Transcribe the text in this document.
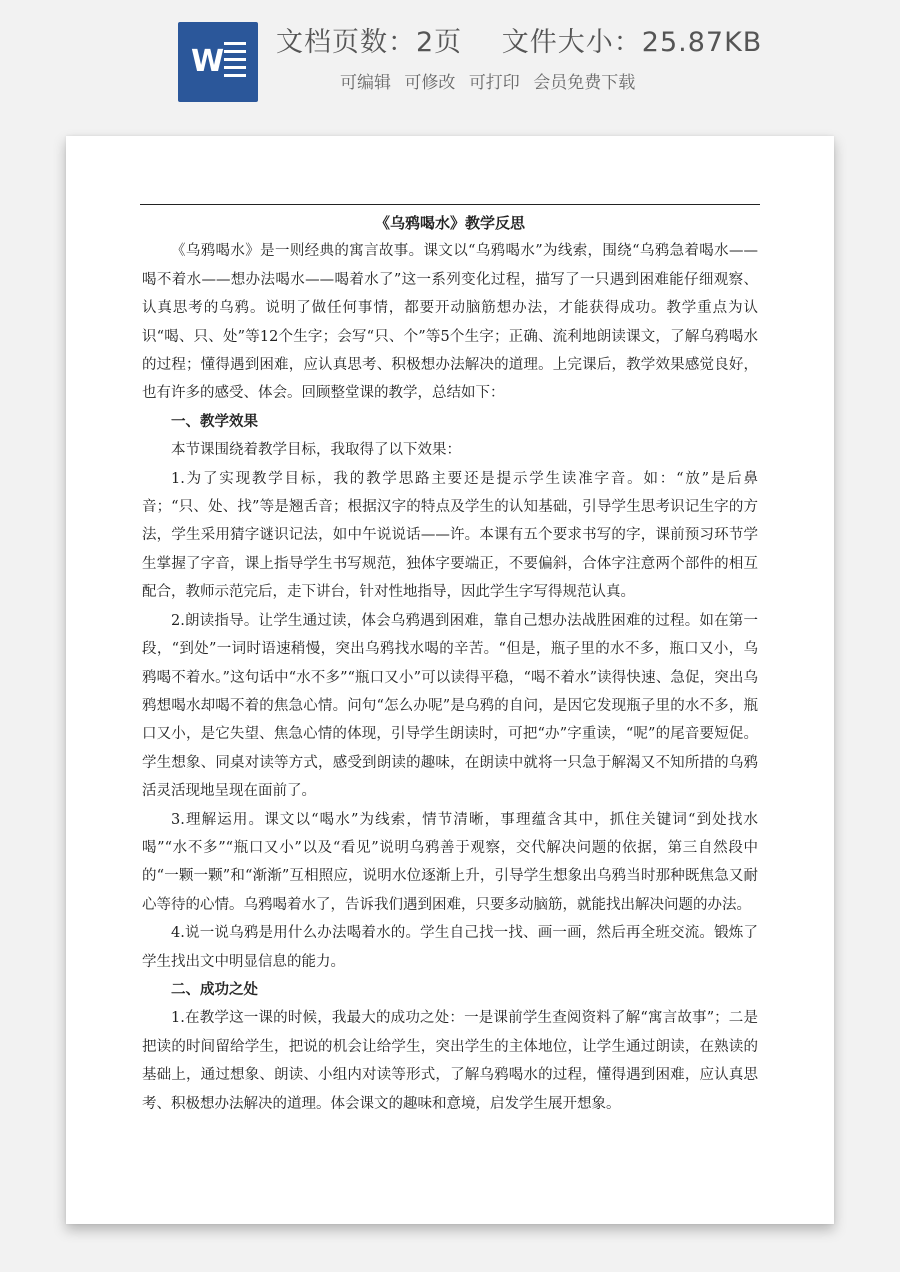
W
文档页数：2页 文件大小：25.87KB
可编辑 可修改 可打印 会员免费下载
《乌鸦喝水》教学反思

《乌鸦喝水》是一则经典的寓言故事。课文以“乌鸦喝水”为线索，围绕“乌鸦急着喝水——喝不着水——想办法喝水——喝着水了”这一系列变化过程，描写了一只遇到困难能仔细观察、认真思考的乌鸦。说明了做任何事情，都要开动脑筋想办法，才能获得成功。教学重点为认识“喝、只、处”等12个生字；会写“只、个”等5个生字；正确、流利地朗读课文，了解乌鸦喝水的过程；懂得遇到困难，应认真思考、积极想办法解决的道理。上完课后，教学效果感觉良好，也有许多的感受、体会。回顾整堂课的教学，总结如下：

一、教学效果

本节课围绕着教学目标，我取得了以下效果：

1.为了实现教学目标，我的教学思路主要还是提示学生读准字音。如：“放”是后鼻音；“只、处、找”等是翘舌音；根据汉字的特点及学生的认知基础，引导学生思考识记生字的方法，学生采用猜字谜识记法，如中午说说话——许。本课有五个要求书写的字，课前预习环节学生掌握了字音，课上指导学生书写规范，独体字要端正，不要偏斜，合体字注意两个部件的相互配合，教师示范完后，走下讲台，针对性地指导，因此学生字写得规范认真。

2.朗读指导。让学生通过读，体会乌鸦遇到困难，靠自己想办法战胜困难的过程。如在第一段，“到处”一词时语速稍慢，突出乌鸦找水喝的辛苦。“但是，瓶子里的水不多，瓶口又小，乌鸦喝不着水。”这句话中“水不多”“瓶口又小”可以读得平稳，“喝不着水”读得快速、急促，突出乌鸦想喝水却喝不着的焦急心情。问句“怎么办呢”是乌鸦的自问，是因它发现瓶子里的水不多，瓶口又小，是它失望、焦急心情的体现，引导学生朗读时，可把“办”字重读，“呢”的尾音要短促。学生想象、同桌对读等方式，感受到朗读的趣味，在朗读中就将一只急于解渴又不知所措的乌鸦活灵活现地呈现在面前了。

3.理解运用。课文以“喝水”为线索，情节清晰，事理蕴含其中，抓住关键词“到处找水喝”“水不多”“瓶口又小”以及“看见”说明乌鸦善于观察，交代解决问题的依据，第三自然段中的“一颗一颗”和“渐渐”互相照应，说明水位逐渐上升，引导学生想象出乌鸦当时那种既焦急又耐心等待的心情。乌鸦喝着水了，告诉我们遇到困难，只要多动脑筋，就能找出解决问题的办法。

4.说一说乌鸦是用什么办法喝着水的。学生自己找一找、画一画，然后再全班交流。锻炼了学生找出文中明显信息的能力。

二、成功之处

1.在教学这一课的时候，我最大的成功之处：一是课前学生查阅资料了解“寓言故事”；二是把读的时间留给学生，把说的机会让给学生，突出学生的主体地位，让学生通过朗读，在熟读的基础上，通过想象、朗读、小组内对读等形式，了解乌鸦喝水的过程，懂得遇到困难，应认真思考、积极想办法解决的道理。体会课文的趣味和意境，启发学生展开想象。
